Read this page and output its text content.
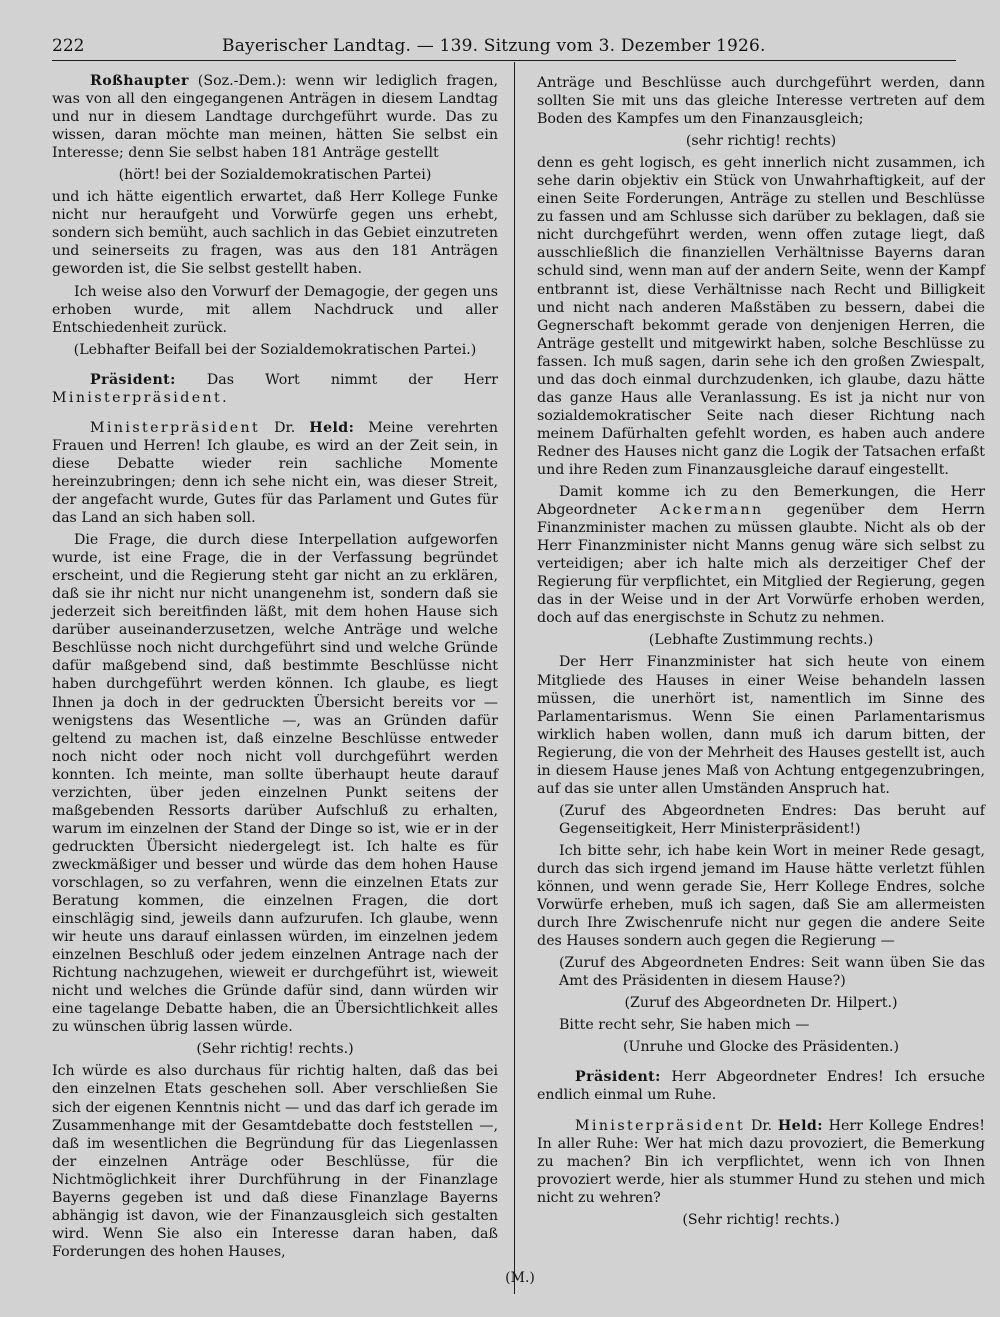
222	Bayerischer Landtag. — 139. Sitzung vom 3. Dezember 1926.

Roßhaupter (Soz.-Dem.): wenn wir lediglich fragen, was von all den eingegangenen Anträgen in diesem Landtag und nur in diesem Landtage durchgeführt wurde. Das zu wissen, daran möchte man meinen, hätten Sie selbst ein Interesse; denn Sie selbst haben 181 Anträge gestellt

(hört! bei der Sozialdemokratischen Partei)

und ich hätte eigentlich erwartet, daß Herr Kollege Funke nicht nur heraufgeht und Vorwürfe gegen uns erhebt, sondern sich bemüht, auch sachlich in das Gebiet einzutreten und seinerseits zu fragen, was aus den 181 Anträgen geworden ist, die Sie selbst gestellt haben.

Ich weise also den Vorwurf der Demagogie, der gegen uns erhoben wurde, mit allem Nachdruck und aller Entschiedenheit zurück.

(Lebhafter Beifall bei der Sozialdemokratischen Partei.)

Präsident: Das Wort nimmt der Herr Ministerpräsident.

Ministerpräsident Dr. Held: Meine verehrten Frauen und Herren! Ich glaube, es wird an der Zeit sein, in diese Debatte wieder rein sachliche Momente hereinzubringen; denn ich sehe nicht ein, was dieser Streit, der angefacht wurde, Gutes für das Parlament und Gutes für das Land an sich haben soll.

Die Frage, die durch diese Interpellation aufgeworfen wurde, ist eine Frage, die in der Verfassung begründet erscheint, und die Regierung steht gar nicht an zu erklären, daß sie ihr nicht nur nicht unangenehm ist, sondern daß sie jederzeit sich bereitfinden läßt, mit dem hohen Hause sich darüber auseinanderzusetzen, welche Anträge und welche Beschlüsse noch nicht durchgeführt sind und welche Gründe dafür maßgebend sind, daß bestimmte Beschlüsse nicht haben durchgeführt werden können. Ich glaube, es liegt Ihnen ja doch in der gedruckten Übersicht bereits vor — wenigstens das Wesentliche —, was an Gründen dafür geltend zu machen ist, daß einzelne Beschlüsse entweder noch nicht oder noch nicht voll durchgeführt werden konnten. Ich meinte, man sollte überhaupt heute darauf verzichten, über jeden einzelnen Punkt seitens der maßgebenden Ressorts darüber Aufschluß zu erhalten, warum im einzelnen der Stand der Dinge so ist, wie er in der gedruckten Übersicht niedergelegt ist. Ich halte es für zweckmäßiger und besser und würde das dem hohen Hause vorschlagen, so zu verfahren, wenn die einzelnen Etats zur Beratung kommen, die einzelnen Fragen, die dort einschlägig sind, jeweils dann aufzurufen. Ich glaube, wenn wir heute uns darauf einlassen würden, im einzelnen jedem einzelnen Beschluß oder jedem einzelnen Antrage nach der Richtung nachzugehen, wieweit er durchgeführt ist, wieweit nicht und welches die Gründe dafür sind, dann würden wir eine tagelange Debatte haben, die an Übersichtlichkeit alles zu wünschen übrig lassen würde.

(Sehr richtig! rechts.)

Ich würde es also durchaus für richtig halten, daß das bei den einzelnen Etats geschehen soll. Aber verschließen Sie sich der eigenen Kenntnis nicht — und das darf ich gerade im Zusammenhange mit der Gesamtdebatte doch feststellen —, daß im wesentlichen die Begründung für das Liegenlassen der einzelnen Anträge oder Beschlüsse, für die Nichtmöglichkeit ihrer Durchführung in der Finanzlage Bayerns gegeben ist und daß diese Finanzlage Bayerns abhängig ist davon, wie der Finanzausgleich sich gestalten wird. Wenn Sie also ein Interesse daran haben, daß Forderungen des hohen Hauses,

Anträge und Beschlüsse auch durchgeführt werden, dann sollten Sie mit uns das gleiche Interesse vertreten auf dem Boden des Kampfes um den Finanzausgleich;

(sehr richtig! rechts)

denn es geht logisch, es geht innerlich nicht zusammen, ich sehe darin objektiv ein Stück von Unwahrhaftigkeit, auf der einen Seite Forderungen, Anträge zu stellen und Beschlüsse zu fassen und am Schlusse sich darüber zu beklagen, daß sie nicht durchgeführt werden, wenn offen zutage liegt, daß ausschließlich die finanziellen Verhältnisse Bayerns daran schuld sind, wenn man auf der andern Seite, wenn der Kampf entbrannt ist, diese Verhältnisse nach Recht und Billigkeit und nicht nach anderen Maßstäben zu bessern, dabei die Gegnerschaft bekommt gerade von denjenigen Herren, die Anträge gestellt und mitgewirkt haben, solche Beschlüsse zu fassen. Ich muß sagen, darin sehe ich den großen Zwiespalt, und das doch einmal durchzudenken, ich glaube, dazu hätte das ganze Haus alle Veranlassung. Es ist ja nicht nur von sozialdemokratischer Seite nach dieser Richtung nach meinem Dafürhalten gefehlt worden, es haben auch andere Redner des Hauses nicht ganz die Logik der Tatsachen erfaßt und ihre Reden zum Finanzausgleiche darauf eingestellt.

Damit komme ich zu den Bemerkungen, die Herr Abgeordneter Ackermann gegenüber dem Herrn Finanzminister machen zu müssen glaubte. Nicht als ob der Herr Finanzminister nicht Manns genug wäre sich selbst zu verteidigen; aber ich halte mich als derzeitiger Chef der Regierung für verpflichtet, ein Mitglied der Regierung, gegen das in der Weise und in der Art Vorwürfe erhoben werden, doch auf das energischste in Schutz zu nehmen.

(Lebhafte Zustimmung rechts.)

Der Herr Finanzminister hat sich heute von einem Mitgliede des Hauses in einer Weise behandeln lassen müssen, die unerhört ist, namentlich im Sinne des Parlamentarismus. Wenn Sie einen Parlamentarismus wirklich haben wollen, dann muß ich darum bitten, der Regierung, die von der Mehrheit des Hauses gestellt ist, auch in diesem Hause jenes Maß von Achtung entgegenzubringen, auf das sie unter allen Umständen Anspruch hat.

(Zuruf des Abgeordneten Endres: Das beruht auf Gegenseitigkeit, Herr Ministerpräsident!)

Ich bitte sehr, ich habe kein Wort in meiner Rede gesagt, durch das sich irgend jemand im Hause hätte verletzt fühlen können, und wenn gerade Sie, Herr Kollege Endres, solche Vorwürfe erheben, muß ich sagen, daß Sie am allermeisten durch Ihre Zwischenrufe nicht nur gegen die andere Seite des Hauses sondern auch gegen die Regierung —

(Zuruf des Abgeordneten Endres: Seit wann üben Sie das Amt des Präsidenten in diesem Hause?)

(Zuruf des Abgeordneten Dr. Hilpert.)

Bitte recht sehr, Sie haben mich —

(Unruhe und Glocke des Präsidenten.)

Präsident: Herr Abgeordneter Endres! Ich ersuche endlich einmal um Ruhe.

Ministerpräsident Dr. Held: Herr Kollege Endres! In aller Ruhe: Wer hat mich dazu provoziert, die Bemerkung zu machen? Bin ich verpflichtet, wenn ich von Ihnen provoziert werde, hier als stummer Hund zu stehen und mich nicht zu wehren?

(Sehr richtig! rechts.)

(M.)
